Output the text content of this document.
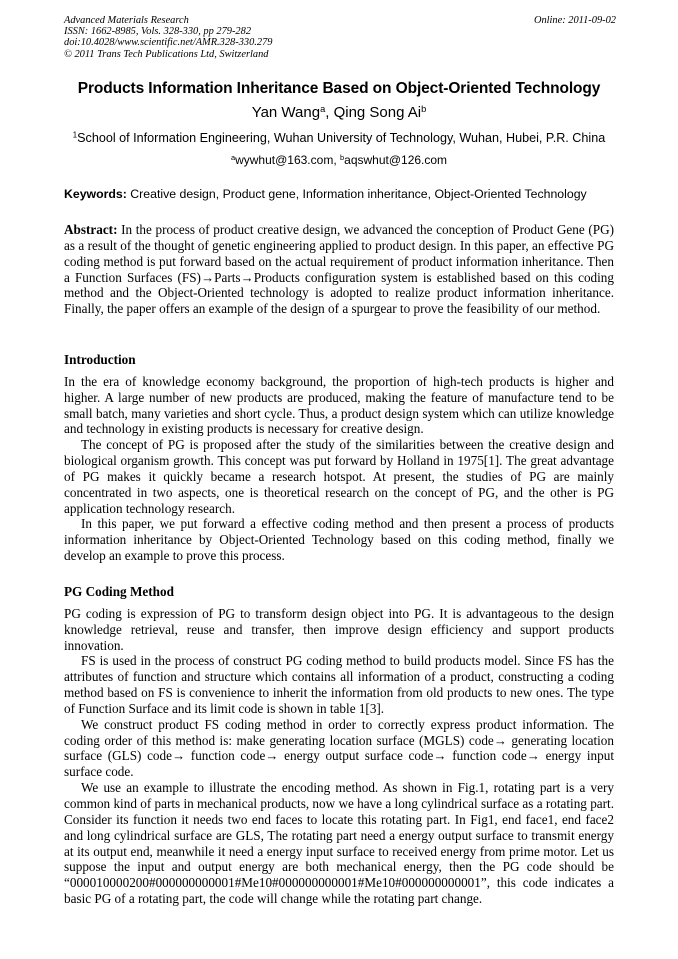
Advanced Materials Research
ISSN: 1662-8985, Vols. 328-330, pp 279-282
doi:10.4028/www.scientific.net/AMR.328-330.279
© 2011 Trans Tech Publications Ltd, Switzerland
Online: 2011-09-02
Products Information Inheritance Based on Object-Oriented Technology
Yan Wang$^a$, Qing Song Ai$^b$
$^1$School of Information Engineering, Wuhan University of Technology, Wuhan, Hubei, P.R. China
$^a$wywhut@163.com, $^b$aqswhut@126.com
Keywords: Creative design, Product gene, Information inheritance, Object-Oriented Technology

Abstract: In the process of product creative design, we advanced the conception of Product Gene (PG) as a result of the thought of genetic engineering applied to product design. In this paper, an effective PG coding method is put forward based on the actual requirement of product information inheritance. Then a Function Surfaces (FS)→Parts→Products configuration system is established based on this coding method and the Object-Oriented technology is adopted to realize product information inheritance. Finally, the paper offers an example of the design of a spurgear to prove the feasibility of our method.

Introduction

In the era of knowledge economy background, the proportion of high-tech products is higher and higher. A large number of new products are produced, making the feature of manufacture tend to be small batch, many varieties and short cycle. Thus, a product design system which can utilize knowledge and technology in existing products is necessary for creative design.

The concept of PG is proposed after the study of the similarities between the creative design and biological organism growth. This concept was put forward by Holland in 1975[1]. The great advantage of PG makes it quickly became a research hotspot. At present, the studies of PG are mainly concentrated in two aspects, one is theoretical research on the concept of PG, and the other is PG application technology research.

In this paper, we put forward a effective coding method and then present a process of products information inheritance by Object-Oriented Technology based on this coding method, finally we develop an example to prove this process.

PG Coding Method

PG coding is expression of PG to transform design object into PG. It is advantageous to the design knowledge retrieval, reuse and transfer, then improve design efficiency and support products innovation.

FS is used in the process of construct PG coding method to build products model. Since FS has the attributes of function and structure which contains all information of a product, constructing a coding method based on FS is convenience to inherit the information from old products to new ones. The type of Function Surface and its limit code is shown in table 1[3].

We construct product FS coding method in order to correctly express product information. The coding order of this method is: make generating location surface (MGLS) code→ generating location surface (GLS) code→ function code→ energy output surface code→ function code→ energy input surface code.

We use an example to illustrate the encoding method. As shown in Fig.1, rotating part is a very common kind of parts in mechanical products, now we have a long cylindrical surface as a rotating part. Consider its function it needs two end faces to locate this rotating part. In Fig1, end face1, end face2 and long cylindrical surface are GLS, The rotating part need a energy output surface to transmit energy at its output end, meanwhile it need a energy input surface to received energy from prime motor. Let us suppose the input and output energy are both mechanical energy, then the PG code should be “000010000200#000000000001#Me10#000000000001#Me10#000000000001”, this code indicates a basic PG of a rotating part, the code will change while the rotating part change.
